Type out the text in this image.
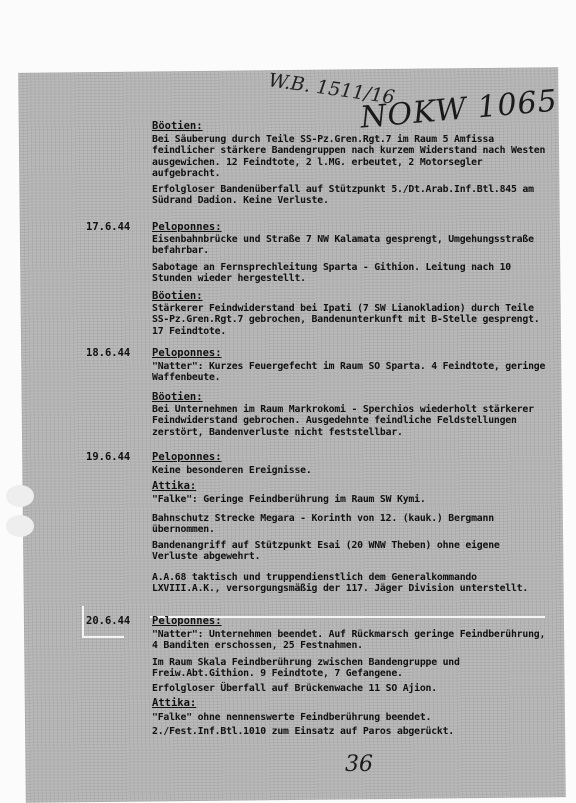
W.B. 1511/16
NOKW 1065
Böotien:
Bei Säuberung durch Teile SS-Pz.Gren.Rgt.7 im Raum 5 Amfissa feindlicher stärkere Bandengruppen nach kurzem Widerstand nach Westen ausgewichen. 12 Feindtote, 2 l.MG. erbeutet, 2 Motorsegler aufgebracht.
Erfolgloser Bandenüberfall auf Stützpunkt 5./Dt.Arab.Inf.Btl.845 am Südrand Dadion. Keine Verluste.
17.6.44 Peloponnes:
Eisenbahnbrücke und Straße 7 NW Kalamata gesprengt, Umgehungsstraße befahrbar.
Sabotage an Fernsprechleitung Sparta - Githion. Leitung nach 10 Stunden wieder hergestellt.
Böotien:
Stärkerer Feindwiderstand bei Ipati (7 SW Lianokladion) durch Teile SS-Pz.Gren.Rgt.7 gebrochen, Bandenunterkunft mit B-Stelle gesprengt. 17 Feindtote.
18.6.44 Peloponnes:
"Natter": Kurzes Feuergefecht im Raum SO Sparta. 4 Feindtote, geringe Waffenbeute.
Böotien:
Bei Unternehmen im Raum Markrokomi - Sperchios wiederholt stärkerer Feindwiderstand gebrochen. Ausgedehnte feindliche Feldstellungen zerstört, Bandenverluste nicht feststellbar.
19.6.44 Peloponnes:
Keine besonderen Ereignisse.
Attika:
"Falke": Geringe Feindberührung im Raum SW Kymi.
Bahnschutz Strecke Megara - Korinth von 12. (kauk.) Bergmann übernommen.
Bandenangriff auf Stützpunkt Esai (20 WNW Theben) ohne eigene Verluste abgewehrt.
A.A.68 taktisch und truppendienstlich dem Generalkommando LXVIII.A.K., versorgungsmäßig der 117. Jäger Division unterstellt.
20.6.44 Peloponnes:
"Natter": Unternehmen beendet. Auf Rückmarsch geringe Feindberührung, 4 Banditen erschossen, 25 Festnahmen.
Im Raum Skala Feindberührung zwischen Bandengruppe und Freiw.Abt.Githion. 9 Feindtote, 7 Gefangene.
Erfolgloser Überfall auf Brückenwache 11 SO Ajion.
Attika:
"Falke" ohne nennenswerte Feindberührung beendet.
2./Fest.Inf.Btl.1010 zum Einsatz auf Paros abgerückt.
36
